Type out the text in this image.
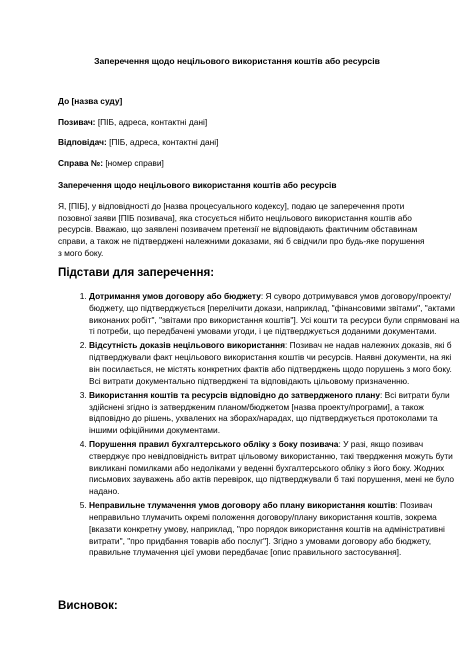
Заперечення щодо нецільового використання коштів або ресурсів
До [назва суду]
Позивач: [ПІБ, адреса, контактні дані]
Відповідач: [ПІБ, адреса, контактні дані]
Справа №: [номер справи]
Заперечення щодо нецільового використання коштів або ресурсів
Я, [ПІБ], у відповідності до [назва процесуального кодексу], подаю це заперечення проти позовної заяви [ПІБ позивача], яка стосується нібито нецільового використання коштів або ресурсів. Вважаю, що заявлені позивачем претензії не відповідають фактичним обставинам справи, а також не підтверджені належними доказами, які б свідчили про будь-яке порушення з мого боку.
Підстави для заперечення:
1. Дотримання умов договору або бюджету: Я суворо дотримувався умов договору/проекту/бюджету, що підтверджується [перелічити докази, наприклад, "фінансовими звітами", "актами виконаних робіт", "звітами про використання коштів"]. Усі кошти та ресурси були спрямовані на ті потреби, що передбачені умовами угоди, і це підтверджується доданими документами.
2. Відсутність доказів нецільового використання: Позивач не надав належних доказів, які б підтверджували факт нецільового використання коштів чи ресурсів. Наявні документи, на які він посилається, не містять конкретних фактів або підтверджень щодо порушень з мого боку. Всі витрати документально підтверджені та відповідають цільовому призначенню.
3. Використання коштів та ресурсів відповідно до затвердженого плану: Всі витрати були здійснені згідно із затвердженим планом/бюджетом [назва проекту/програми], а також відповідно до рішень, ухвалених на зборах/нарадах, що підтверджується протоколами та іншими офіційними документами.
4. Порушення правил бухгалтерського обліку з боку позивача: У разі, якщо позивач стверджує про невідповідність витрат цільовому використанню, такі твердження можуть бути викликані помилками або недоліками у веденні бухгалтерського обліку з його боку. Жодних письмових зауважень або актів перевірок, що підтверджували б такі порушення, мені не було надано.
5. Неправильне тлумачення умов договору або плану використання коштів: Позивач неправильно тлумачить окремі положення договору/плану використання коштів, зокрема [вказати конкретну умову, наприклад, "про порядок використання коштів на адміністративні витрати", "про придбання товарів або послуг"]. Згідно з умовами договору або бюджету, правильне тлумачення цієї умови передбачає [опис правильного застосування].
Висновок:
